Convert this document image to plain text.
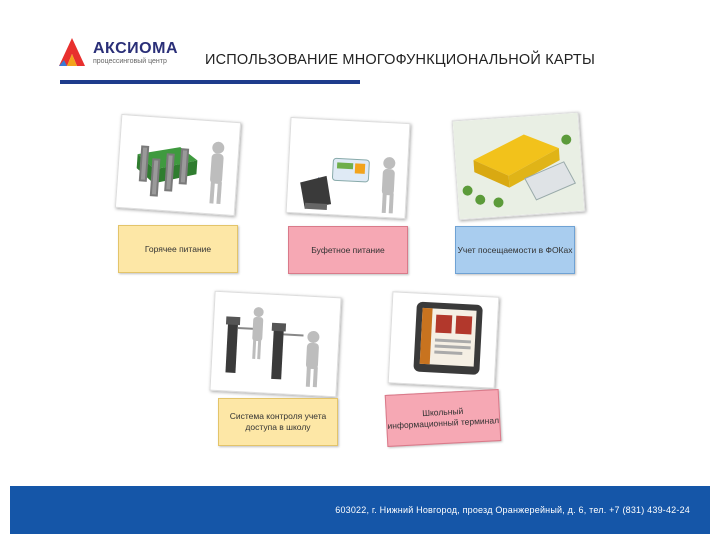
АКСИОМА
процессинговый центр	ИСПОЛЬЗОВАНИЕ МНОГОФУНКЦИОНАЛЬНОЙ КАРТЫ
Горячее питание	Буфетное питание	Учет посещаемости в ФОКах
Система контроля учета доступа в школу
Школьный информационный терминал
603022, г. Нижний Новгород, проезд Оранжерейный, д. 6, тел. +7 (831) 439-42-24
